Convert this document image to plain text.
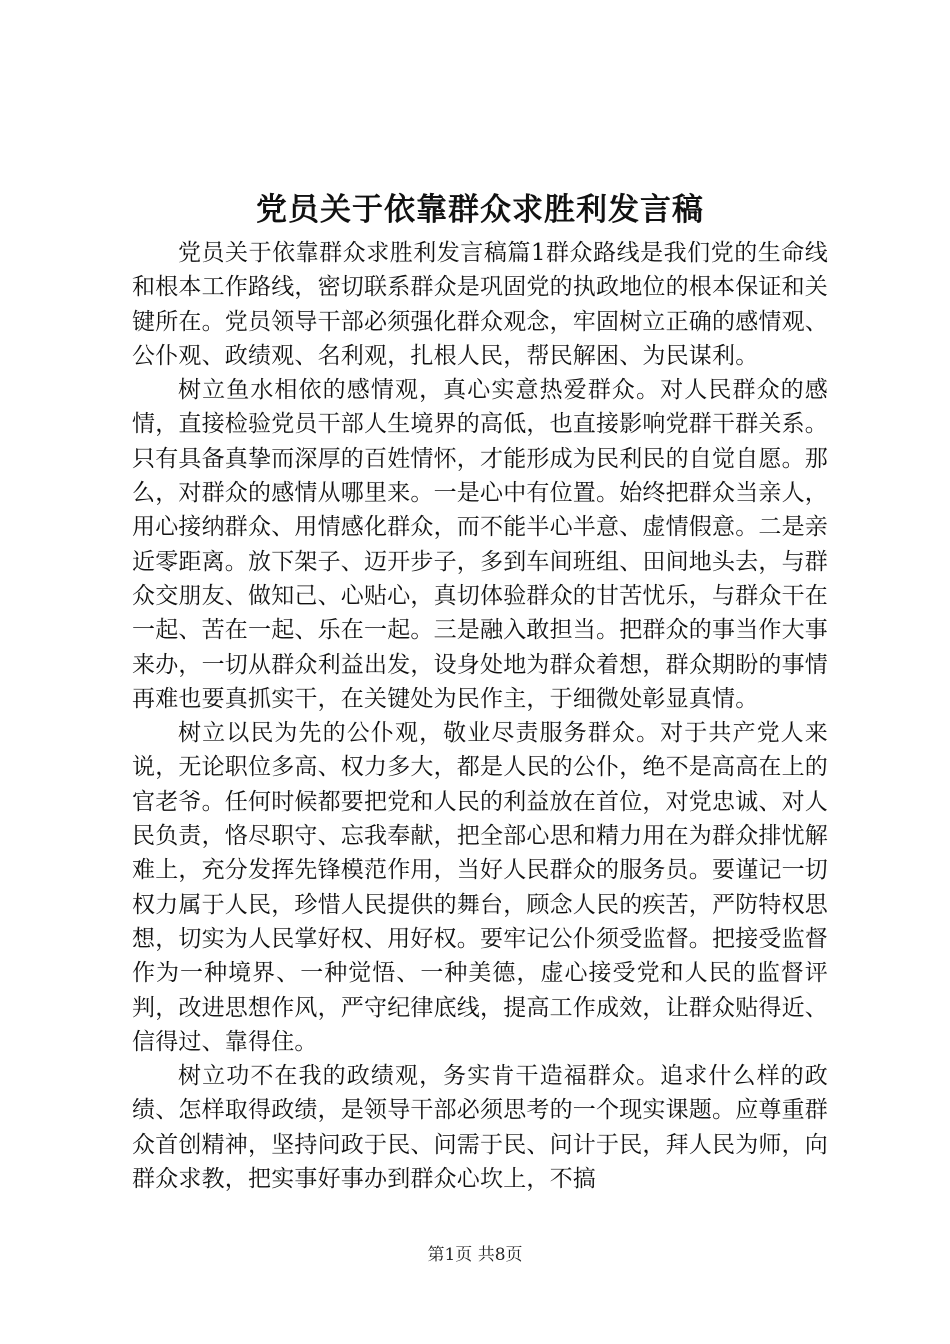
党员关于依靠群众求胜利发言稿

党员关于依靠群众求胜利发言稿篇1群众路线是我们党的生命线和根本工作路线，密切联系群众是巩固党的执政地位的根本保证和关键所在。党员领导干部必须强化群众观念，牢固树立正确的感情观、公仆观、政绩观、名利观，扎根人民，帮民解困、为民谋利。

树立鱼水相依的感情观，真心实意热爱群众。对人民群众的感情，直接检验党员干部人生境界的高低，也直接影响党群干群关系。只有具备真挚而深厚的百姓情怀，才能形成为民利民的自觉自愿。那么，对群众的感情从哪里来。一是心中有位置。始终把群众当亲人，用心接纳群众、用情感化群众，而不能半心半意、虚情假意。二是亲近零距离。放下架子、迈开步子，多到车间班组、田间地头去，与群众交朋友、做知己、心贴心，真切体验群众的甘苦忧乐，与群众干在一起、苦在一起、乐在一起。三是融入敢担当。把群众的事当作大事来办，一切从群众利益出发，设身处地为群众着想，群众期盼的事情再难也要真抓实干，在关键处为民作主，于细微处彰显真情。

树立以民为先的公仆观，敬业尽责服务群众。对于共产党人来说，无论职位多高、权力多大，都是人民的公仆，绝不是高高在上的官老爷。任何时候都要把党和人民的利益放在首位，对党忠诚、对人民负责，恪尽职守、忘我奉献，把全部心思和精力用在为群众排忧解难上，充分发挥先锋模范作用，当好人民群众的服务员。要谨记一切权力属于人民，珍惜人民提供的舞台，顾念人民的疾苦，严防特权思想，切实为人民掌好权、用好权。要牢记公仆须受监督。把接受监督作为一种境界、一种觉悟、一种美德，虚心接受党和人民的监督评判，改进思想作风，严守纪律底线，提高工作成效，让群众贴得近、信得过、靠得住。

树立功不在我的政绩观，务实肯干造福群众。追求什么样的政绩、怎样取得政绩，是领导干部必须思考的一个现实课题。应尊重群众首创精神，坚持问政于民、问需于民、问计于民，拜人民为师，向群众求教，把实事好事办到群众心坎上，不搞

第1页 共8页
